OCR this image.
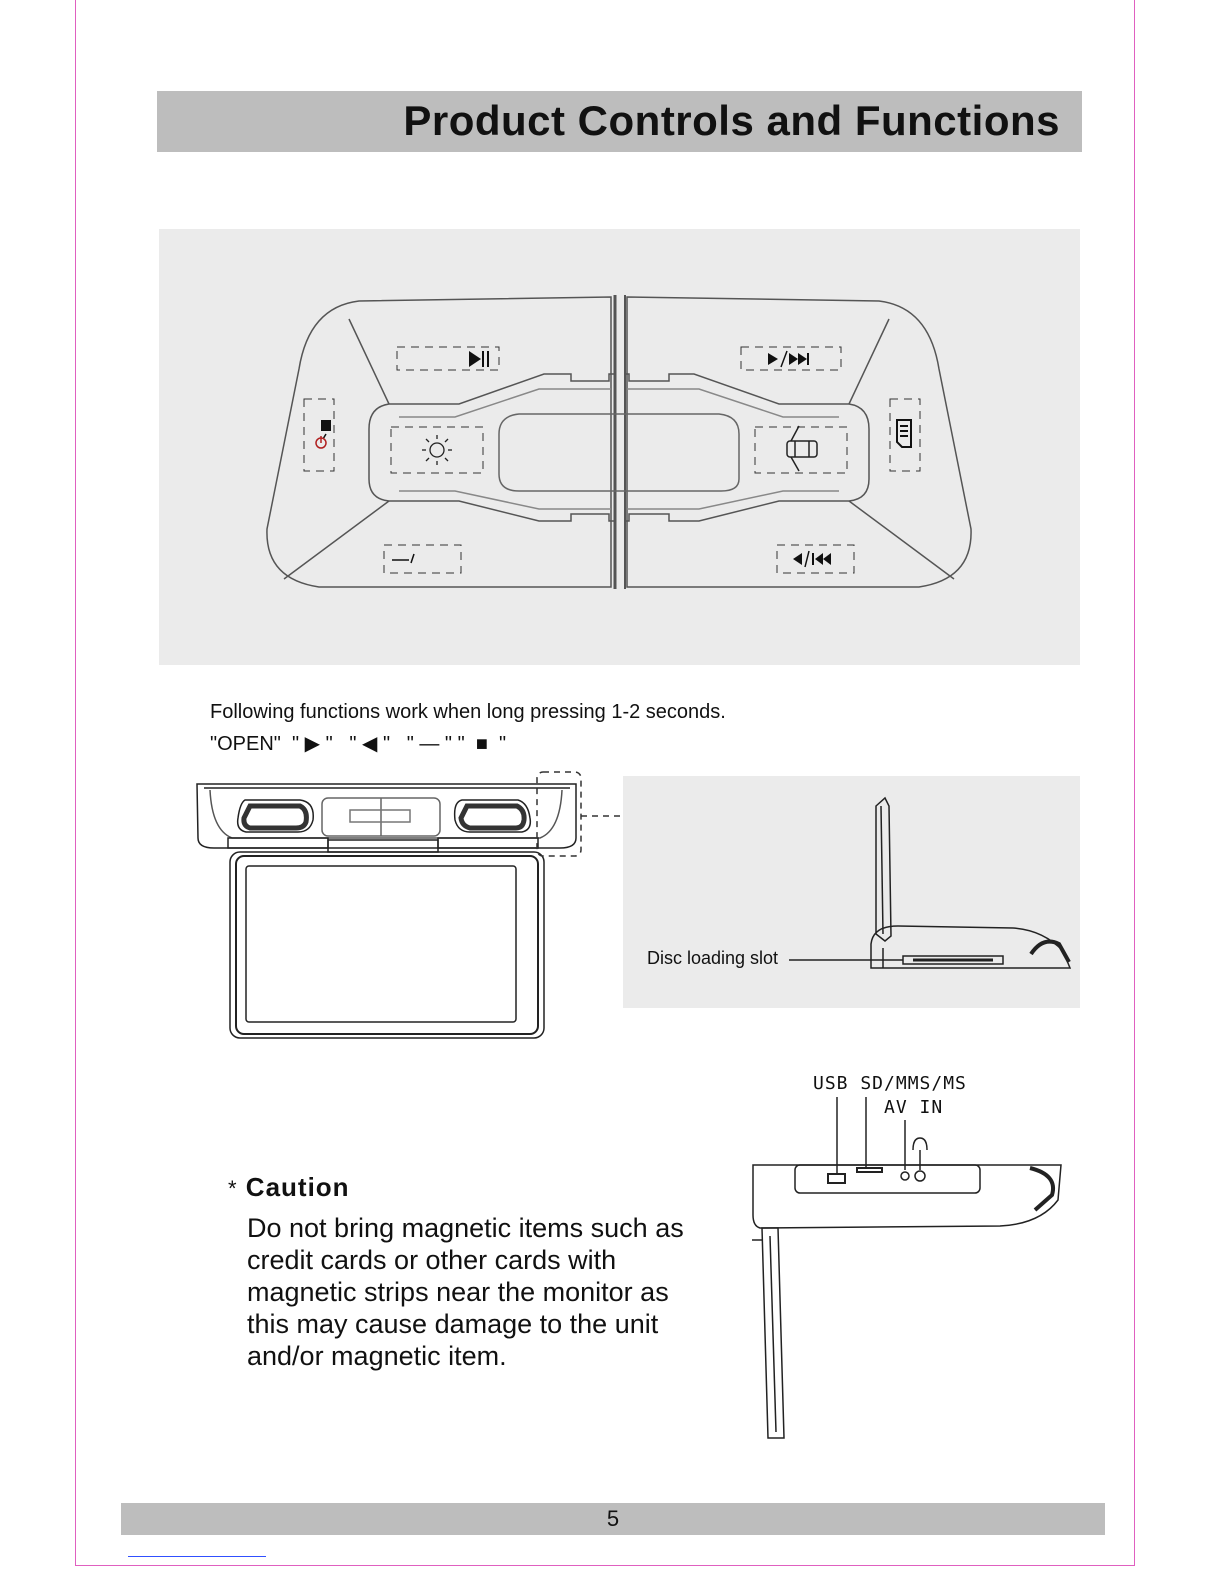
Product Controls and Functions
Following functions work when long pressing 1-2 seconds.
"OPEN"  " ▶ "   " ◀ "   " — " "  ■  "
Disc loading slot
USB SD/MMS/MS
AV IN
* Caution
Do not bring magnetic items such as credit cards or other cards with magnetic strips near the monitor as this may cause damage to the unit and/or magnetic item.
5
